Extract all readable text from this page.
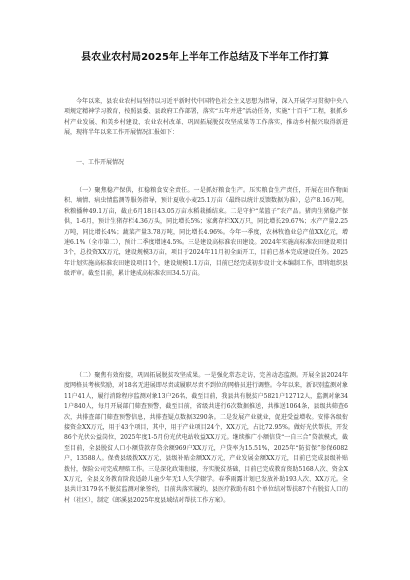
县农业农村局2025年上半年工作总结及下半年工作打算

今年以来，县农业农村局坚持以习近平新时代中国特色社会主义思想为指导，深入开展学习贯彻中央八项规定精神学习教育，按照县委、县政府工作部署，落实“五年并进”活动任务，实施“十百千”工程，狠抓乡村产业发展、和美乡村建设、农业农村改革、巩固拓展脱贫攻坚成果等工作落实，推动乡村振兴取得新进展，现将半年以来工作开展情况汇报如下：

一、工作开展情况

（一）聚焦稳产保供，扛稳粮食安全责任。一是抓好粮食生产。压实粮食生产责任，开展在田作物面积、墒情、病虫情监测等服务指导，预计夏收小麦25.1万亩（最终以统计反馈数据为准），总产8.16万吨。秋粮播种49.1万亩，截止6月18日43.05万亩水稻栽插结束。二是守护“菜篮子”农产品。猪肉生猪稳产保供，1-6月，预计生猪存栏4.36万头，同比增长5%；家禽存栏XX万只，同比增长29.67%；水产产量2.25万吨，同比增长4%；蔬菜产量3.78万吨，同比增长4.96%。今年一季度，农林牧渔业总产值XX亿元，增速6.1%（全市第二），预计二季度增速4.5%。三是建设高标准农田建设。2024年实施高标准农田建设项目3个，总投资XX万元，建设规模3万亩，项目于2024年11月初全面开工，目前已基本完成建设任务。2025年计划实施高标准农田建设项目1个，建设规模1.1万亩，目前已经完成初步设计文本编制工作，即将组织县级评审。截至目前，累计建成高标准农田34.5万亩。

（二）聚焦有效衔接，巩固拓展脱贫攻坚成果。一是强化常态走访，完善动态监测。开展全县2024年度网格员考核奖励，对18名无进展即尽责或履职尽责不到位的网格员进行调整。今年以来，新识别监测对象11户41人，履行消除程序监测对象13户26名，截至目前，我县共有脱贫户5821户12712人，监测对象341户840人，每月开展部门筛查预警，截至目前，省级共进行6次数据推送，共推送1064条，县级共筛查6次，共排查部门筛查预警信息，共排查疑点数据3290条。二是发展产业就业，促进受益增收。安排各级衔接资金XX万元，用于43个项目，其中，用于产业项目24个，XX万元，占比72.95%。做好光伏帮扶，开发86个光伏公益岗位，2025年度1-5月份光伏电站收益XX万元。继续推广小额信贷“一自三合”贷款模式，截至目前，全县脱贫人口小额贷款存贷余额969户XX万元，户贷率为15.51%，2025年“防贫保”参保6082户，13588人。保费县级拨XX万元，县级补贴金额XX万元，产业发展金额XX万元，目前已完成县级补贴拨付，保险公司完成理赔工作。三是深化政策衔接，夯实脱贫基础，目前已完成教育资助5168人次、资金XX万元，全县义务教育阶段适龄儿童少年无1人失学辍学。春季雨露计划已发放补助193人次、XX万元。全县共计3179名不脱贫监测对象签约，目前共落实履约，县医疗救助有81个单位结对帮扶87个有脱贫人口的村（社区），制定《郎溪县2025年度县域结对帮扶工作方案》。
